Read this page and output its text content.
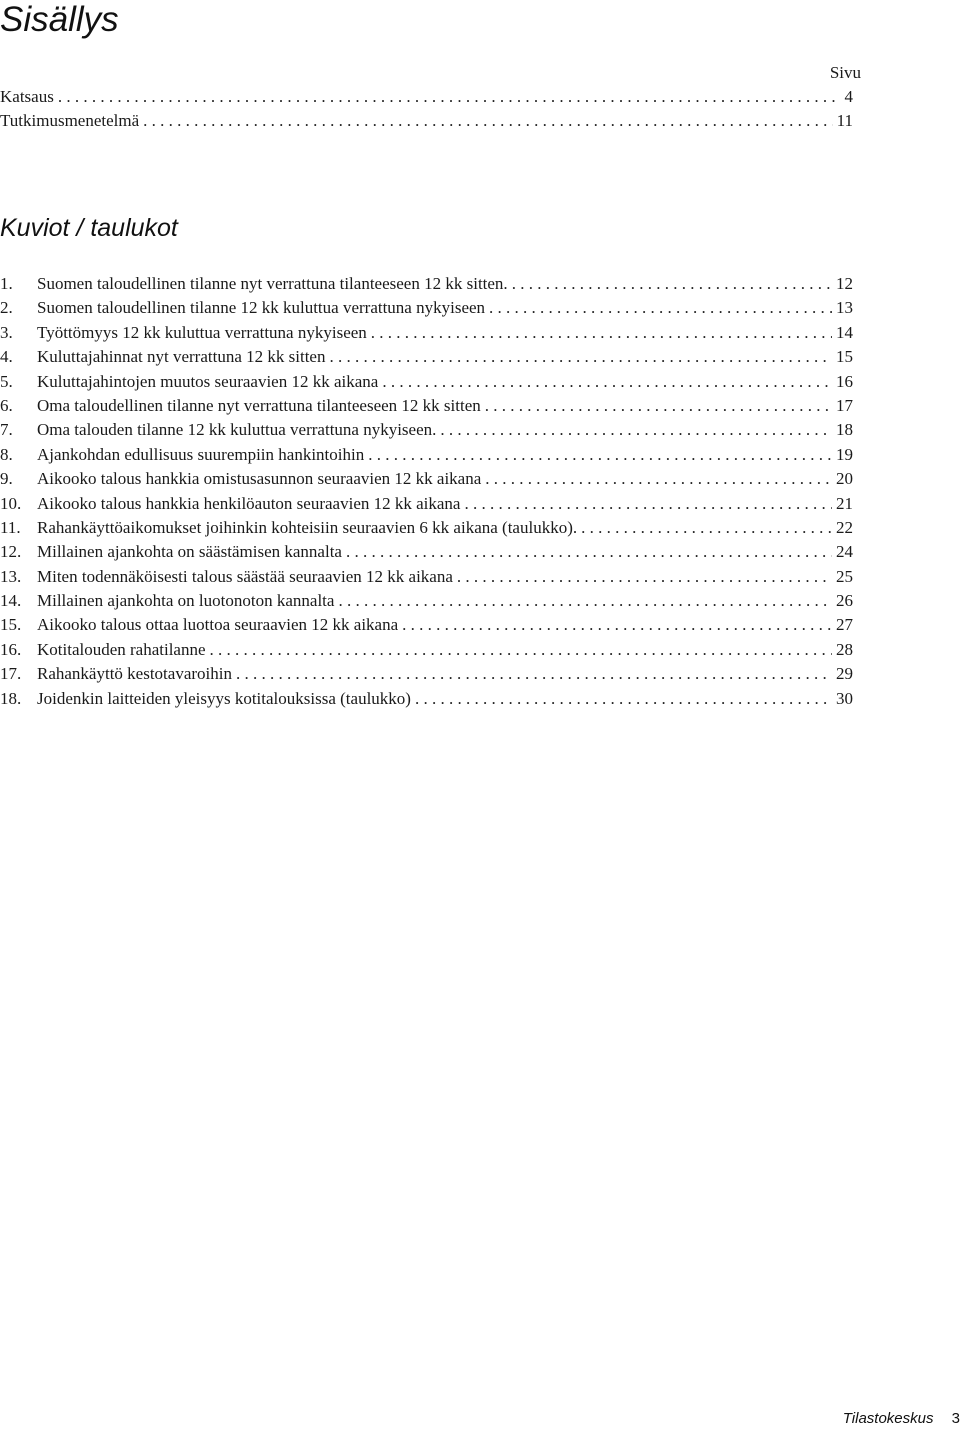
Sisällys
Sivu
Katsaus . . .	4
Tutkimusmenetelmä . . .	11
Kuviot / taulukot
1.	Suomen taloudellinen tilanne nyt verrattuna tilanteeseen 12 kk sitten. . . .	12
2.	Suomen taloudellinen tilanne 12 kk kuluttua verrattuna nykyiseen . . .	13
3.	Työttömyys 12 kk kuluttua verrattuna nykyiseen . . .	14
4.	Kuluttajahinnat nyt verrattuna 12 kk sitten . . .	15
5.	Kuluttajahintojen muutos seuraavien 12 kk aikana . . .	16
6.	Oma taloudellinen tilanne nyt verrattuna tilanteeseen 12 kk sitten . . .	17
7.	Oma talouden tilanne 12 kk kuluttua verrattuna nykyiseen. . . .	18
8.	Ajankohdan edullisuus suurempiin hankintoihin . . .	19
9.	Aikooko talous hankkia omistusasunnon seuraavien 12 kk aikana . . .	20
10. Aikooko talous hankkia henkilöauton seuraavien 12 kk aikana . . .	21
11. Rahankäyttöaikomukset joihinkin kohteisiin seuraavien 6 kk aikana (taulukko). . . .	22
12. Millainen ajankohta on säästämisen kannalta . . .	24
13. Miten todennäköisesti talous säästää seuraavien 12 kk aikana . . .	25
14. Millainen ajankohta on luotonoton kannalta . . .	26
15. Aikooko talous ottaa luottoa seuraavien 12 kk aikana . . .	27
16. Kotitalouden rahatilanne . . .	28
17. Rahankäyttö kestotavaroihin . . .	29
18. Joidenkin laitteiden yleisyys kotitalouksissa (taulukko) . . .	30
Tilastokeskus 3
